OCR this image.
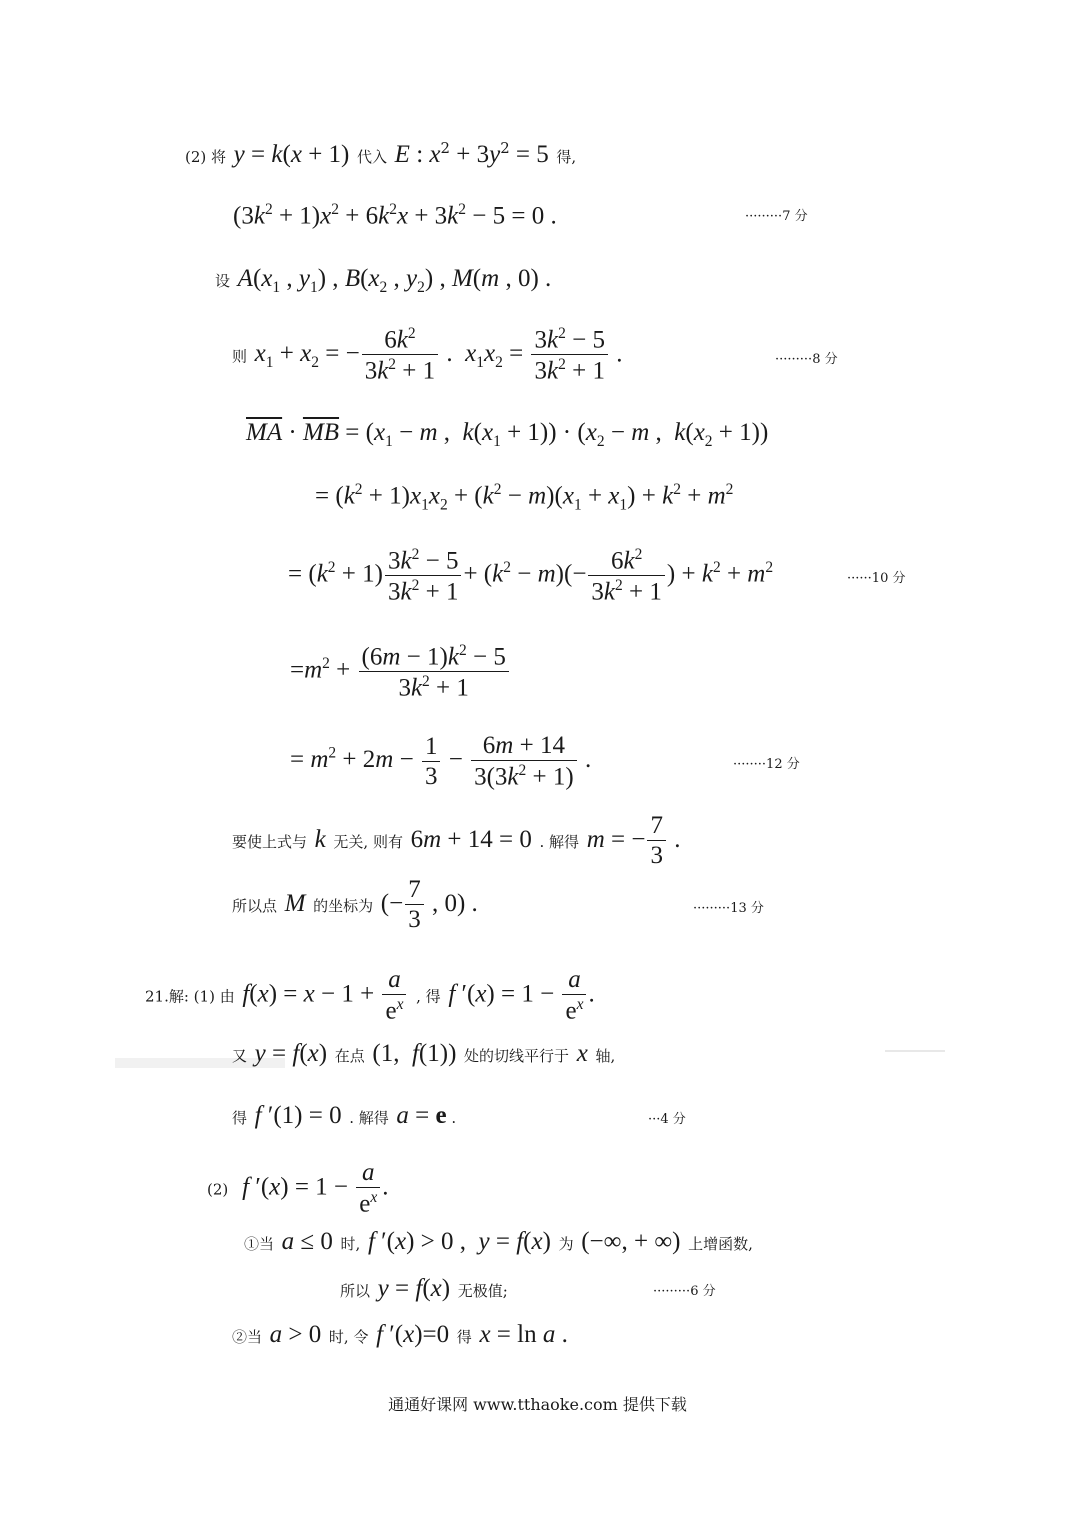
(2) 将 y = k(x + 1) 代入 E : $x^2 + 3y^2 = 5$ 得,
$(3k^2 + 1)x^2 + 6k^2x + 3k^2 - 5 = 0$ .	·········7 分
设 $A(x_1$ , $y_1$) , $B(x_2$ , $y_2$) , M(m , 0) .
则 $x_1 + x_2$ = − $\frac{6k^2}{3k^2 + 1}$ .  $x_1x_2 = \frac{3k^2 - 5}{3k^2 + 1}$ .	·········8 分
$\overline{MA} \cdot \overline{MB} = (x_1 - m$ ,  $k(x_1 + 1)) \cdot (x_2 - m$ ,  $k(x_2 + 1)$)
= $(k^2 + 1)x_1x_2 + (k^2 - m)(x_1 + x_1) + k^2 + m^2$
= $(k^2 + 1) \frac{3k^2 - 5}{3k^2 + 1} + (k^2 - m)(- \frac{6k^2}{3k^2 + 1}$ ) + $k^2 + m^2$
······10 分
$=m^2 + \frac{(6m - 1)k^2 - 5}{3k^2 + 1}$
= $m^2 + 2m - \frac{1}{3} - \frac{6m + 14}{3(3k^2 + 1)}$ .	········12 分
要使上式与 k 无关, 则有 6m + 14 = 0 . 解得 m = − $\frac{7}{3}$ .
所以点 M 的坐标为 (− $\frac{7}{3}$ , 0) .	·········13 分
21.解: (1) 由 $f(x) = x - 1 + \frac{a}{e^x}$ , 得 f $'(x) = 1 - \frac{a}{e^x}$ .
又 y = f(x) 在点 (1,  f(1)) 处的切线平行于 x 轴,
得 f ′(1) = 0 . 解得 a = e .	···4 分
(2) f $'(x) = 1 - \frac{a}{e^x}$ .
①当 a ≤ 0 时, f ′(x) > 0 ,  y = f(x) 为 (−∞, + ∞) 上增函数,
所以 y = f(x) 无极值;	·········6 分
②当 a > 0 时, 令 f ′(x)=0 得 x = ln a .
通通好课网 www.tthaoke.com 提供下载
